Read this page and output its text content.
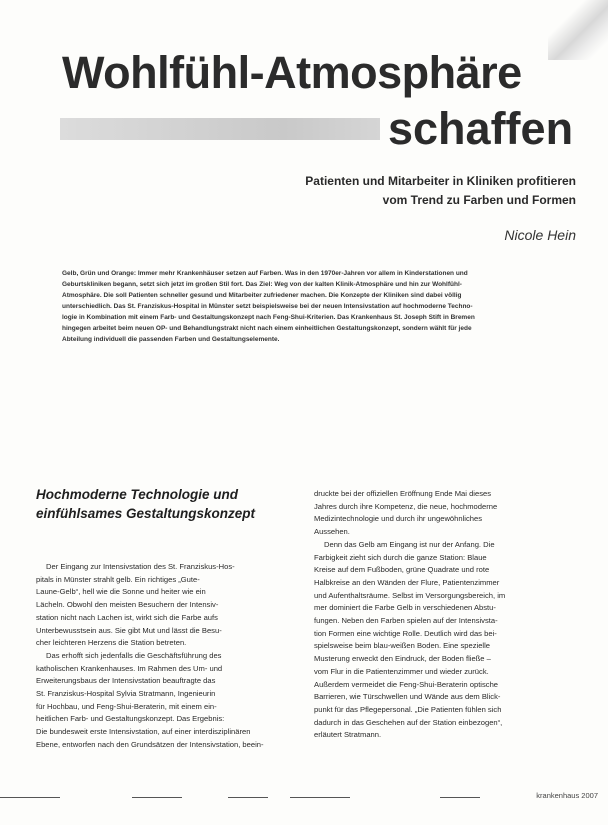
Wohlfühl-Atmosphäre
schaffen
Patienten und Mitarbeiter in Kliniken profitieren
vom Trend zu Farben und Formen
Nicole Hein
Gelb, Grün und Orange: Immer mehr Krankenhäuser setzen auf Farben. Was in den 1970er-Jahren vor allem in Kinderstationen und
Geburtskliniken begann, setzt sich jetzt im großen Stil fort. Das Ziel: Weg von der kalten Klinik-Atmosphäre und hin zur Wohlfühl-
Atmosphäre. Die soll Patienten schneller gesund und Mitarbeiter zufriedener machen. Die Konzepte der Kliniken sind dabei völlig
unterschiedlich. Das St. Franziskus-Hospital in Münster setzt beispielsweise bei der neuen Intensivstation auf hochmoderne Techno-
logie in Kombination mit einem Farb- und Gestaltungskonzept nach Feng-Shui-Kriterien. Das Krankenhaus St. Joseph Stift in Bremen
hingegen arbeitet beim neuen OP- und Behandlungstrakt nicht nach einem einheitlichen Gestaltungskonzept, sondern wählt für jede
Abteilung individuell die passenden Farben und Gestaltungselemente.
Hochmoderne Technologie und
einfühlsames Gestaltungskonzept
Der Eingang zur Intensivstation des St. Franziskus-Hos-
pitals in Münster strahlt gelb. Ein richtiges „Gute-
Laune-Gelb“, hell wie die Sonne und heiter wie ein
Lächeln. Obwohl den meisten Besuchern der Intensiv-
station nicht nach Lachen ist, wirkt sich die Farbe aufs
Unterbewusstsein aus. Sie gibt Mut und lässt die Besu-
cher leichteren Herzens die Station betreten.
Das erhofft sich jedenfalls die Geschäftsführung des
katholischen Krankenhauses. Im Rahmen des Um- und
Erweiterungsbaus der Intensivstation beauftragte das
St. Franziskus-Hospital Sylvia Stratmann, Ingenieurin
für Hochbau, und Feng-Shui-Beraterin, mit einem ein-
heitlichen Farb- und Gestaltungskonzept. Das Ergebnis:
Die bundesweit erste Intensivstation, auf einer interdisziplinären
Ebene, entworfen nach den Grundsätzen der Intensivstation, beein-
druckte bei der offiziellen Eröffnung Ende Mai dieses
Jahres durch ihre Kompetenz, die neue, hochmoderne
Medizintechnologie und durch ihr ungewöhnliches
Aussehen.
Denn das Gelb am Eingang ist nur der Anfang. Die
Farbigkeit zieht sich durch die ganze Station: Blaue
Kreise auf dem Fußboden, grüne Quadrate und rote
Halbkreise an den Wänden der Flure, Patientenzimmer
und Aufenthaltsräume. Selbst im Versorgungsbereich, im
mer dominiert die Farbe Gelb in verschiedenen Abstu-
fungen. Neben den Farben spielen auf der Intensivsta-
tion Formen eine wichtige Rolle. Deutlich wird das bei-
spielsweise beim blau-weißen Boden. Eine spezielle
Musterung erweckt den Eindruck, der Boden fließe –
vom Flur in die Patientenzimmer und wieder zurück.
Außerdem vermeidet die Feng-Shui-Beraterin optische
Barrieren, wie Türschwellen und Wände aus dem Blick-
punkt für das Pflegepersonal. „Die Patienten fühlen sich
dadurch in das Geschehen auf der Station einbezogen“,
erläutert Stratmann.
krankenhaus 2007
